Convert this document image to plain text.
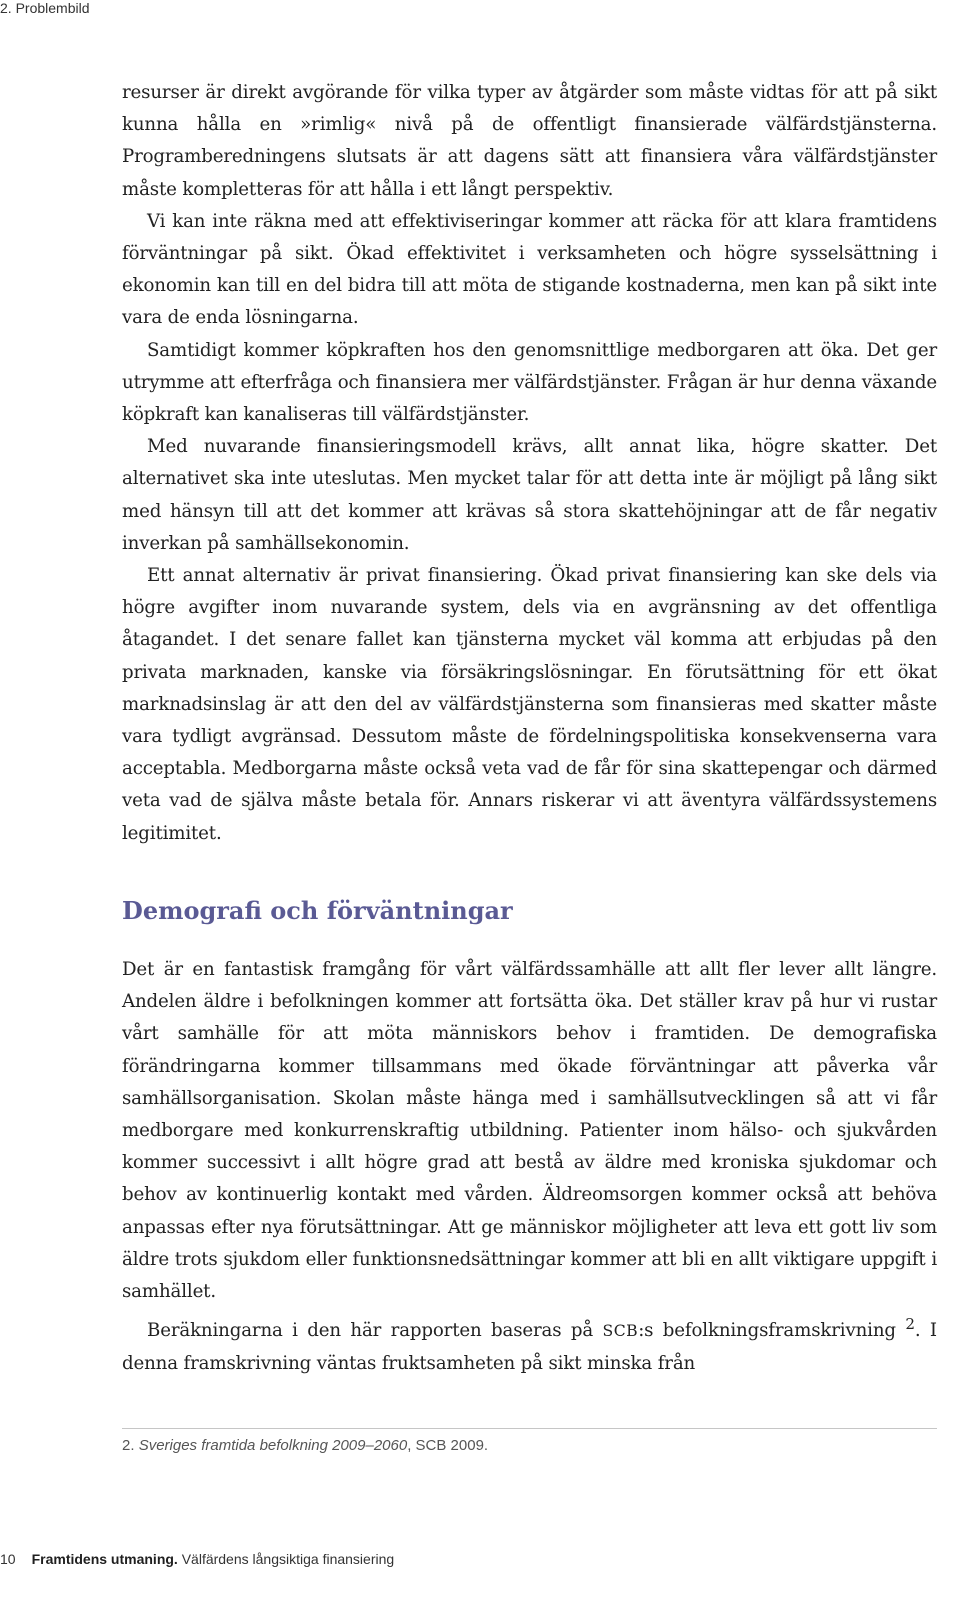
2. Problembild

resurser är direkt avgörande för vilka typer av åtgärder som måste vidtas för att på sikt kunna hålla en »rimlig« nivå på de offentligt finansierade välfärdstjänsterna. Programberedningens slutsats är att dagens sätt att finansiera våra välfärdstjänster måste kompletteras för att hålla i ett långt perspektiv.

Vi kan inte räkna med att effektiviseringar kommer att räcka för att klara framtidens förväntningar på sikt. Ökad effektivitet i verksamheten och högre sysselsättning i ekonomin kan till en del bidra till att möta de stigande kostnaderna, men kan på sikt inte vara de enda lösningarna.

Samtidigt kommer köpkraften hos den genomsnittlige medborgaren att öka. Det ger utrymme att efterfråga och finansiera mer välfärdstjänster. Frågan är hur denna växande köpkraft kan kanaliseras till välfärdstjänster.

Med nuvarande finansieringsmodell krävs, allt annat lika, högre skatter. Det alternativet ska inte uteslutas. Men mycket talar för att detta inte är möjligt på lång sikt med hänsyn till att det kommer att krävas så stora skattehöjningar att de får negativ inverkan på samhällsekonomin.

Ett annat alternativ är privat finansiering. Ökad privat finansiering kan ske dels via högre avgifter inom nuvarande system, dels via en avgränsning av det offentliga åtagandet. I det senare fallet kan tjänsterna mycket väl komma att erbjudas på den privata marknaden, kanske via försäkringslösningar. En förutsättning för ett ökat marknadsinslag är att den del av välfärdstjänsterna som finansieras med skatter måste vara tydligt avgränsad. Dessutom måste de fördelningspolitiska konsekvenserna vara acceptabla. Medborgarna måste också veta vad de får för sina skattepengar och därmed veta vad de själva måste betala för. Annars riskerar vi att äventyra välfärdssystemens legitimitet.

Demografi och förväntningar

Det är en fantastisk framgång för vårt välfärdssamhälle att allt fler lever allt längre. Andelen äldre i befolkningen kommer att fortsätta öka. Det ställer krav på hur vi rustar vårt samhälle för att möta människors behov i framtiden. De demografiska förändringarna kommer tillsammans med ökade förväntningar att påverka vår samhällsorganisation. Skolan måste hänga med i samhällsutvecklingen så att vi får medborgare med konkurrenskraftig utbildning. Patienter inom hälso- och sjukvården kommer successivt i allt högre grad att bestå av äldre med kroniska sjukdomar och behov av kontinuerlig kontakt med vården. Äldreomsorgen kommer också att behöva anpassas efter nya förutsättningar. Att ge människor möjligheter att leva ett gott liv som äldre trots sjukdom eller funktionsnedsättningar kommer att bli en allt viktigare uppgift i samhället.

Beräkningarna i den här rapporten baseras på SCB:s befolkningsframskrivning $^2$. I denna framskrivning väntas fruktsamheten på sikt minska från

2. Sveriges framtida befolkning 2009–2060, SCB 2009.
10 Framtidens utmaning. Välfärdens långsiktiga finansiering
